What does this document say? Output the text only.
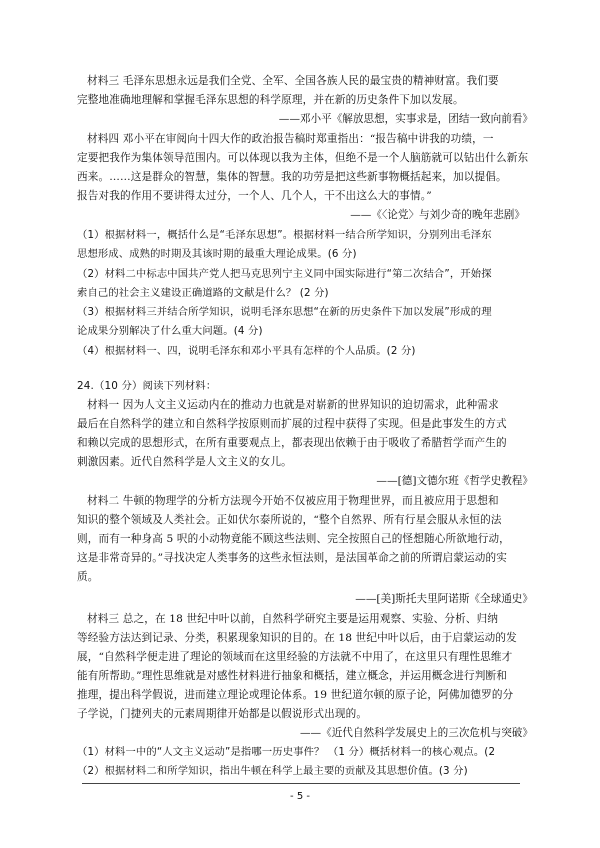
材料三 毛泽东思想永远是我们全党、全军、全国各族人民的最宝贵的精神财富。我们要
完整地准确地理解和掌握毛泽东思想的科学原理，并在新的历史条件下加以发展。
——邓小平《解放思想，实事求是，团结一致向前看》
材料四 邓小平在审阅向十四大作的政治报告稿时郑重指出：“报告稿中讲我的功绩，一
定要把我作为集体领导范围内。可以体现以我为主体，但绝不是一个人脑筋就可以钻出什么新东
西来。……这是群众的智慧，集体的智慧。我的功劳是把这些新事物概括起来，加以提倡。
报告对我的作用不要讲得太过分，一个人、几个人，干不出这么大的事情。”
——《〈论党〉与刘少奇的晚年悲剧》
（1）根据材料一，概括什么是“毛泽东思想”。根据材料一结合所学知识，分别列出毛泽东
思想形成、成熟的时期及其该时期的最重大理论成果。(6 分)
（2）材料二中标志中国共产党人把马克思列宁主义同中国实际进行“第二次结合”，开始探
索自己的社会主义建设正确道路的文献是什么？ (2 分)
（3）根据材料三并结合所学知识，说明毛泽东思想“在新的历史条件下加以发展”形成的理
论成果分别解决了什么重大问题。(4 分)
（4）根据材料一、四，说明毛泽东和邓小平具有怎样的个人品质。(2 分)
24.（10 分）阅读下列材料：
材料一 因为人文主义运动内在的推动力也就是对崭新的世界知识的迫切需求，此种需求
最后在自然科学的建立和自然科学按原则而扩展的过程中获得了实现。但是此事发生的方式
和赖以完成的思想形式，在所有重要观点上，都表现出依赖于由于吸收了希腊哲学而产生的
刺激因素。近代自然科学是人文主义的女儿。
——[德]文德尔班《哲学史教程》
材料二 牛顿的物理学的分析方法现今开始不仅被应用于物理世界，而且被应用于思想和
知识的整个领域及人类社会。正如伏尔泰所说的，“整个自然界、所有行星会服从永恒的法
则，而有一种身高 5 呎的小动物竟能不顾这些法则、完全按照自己的怪想随心所欲地行动，
这是非常奇异的。”寻找决定人类事务的这些永恒法则，是法国革命之前的所谓启蒙运动的实
质。
——[美]斯托夫里阿诺斯《全球通史》
材料三 总之，在 18 世纪中叶以前，自然科学研究主要是运用观察、实验、分析、归纳
等经验方法达到记录、分类，积累现象知识的目的。在 18 世纪中叶以后，由于启蒙运动的发
展，“自然科学便走进了理论的领域而在这里经验的方法就不中用了，在这里只有理性思维才
能有所帮助。”理性思维就是对感性材料进行抽象和概括，建立概念，并运用概念进行判断和
推理，提出科学假说，进而建立理论或理论体系。19 世纪道尔顿的原子论，阿佛加德罗的分
子学说，门捷列夫的元素周期律开始都是以假说形式出现的。
——《近代自然科学发展史上的三次危机与突破》
（1）材料一中的“人文主义运动”是指哪一历史事件？ （1 分）概括材料一的核心观点。(2
（2）根据材料二和所学知识，指出牛顿在科学上最主要的贡献及其思想价值。(3 分)
- 5 -
